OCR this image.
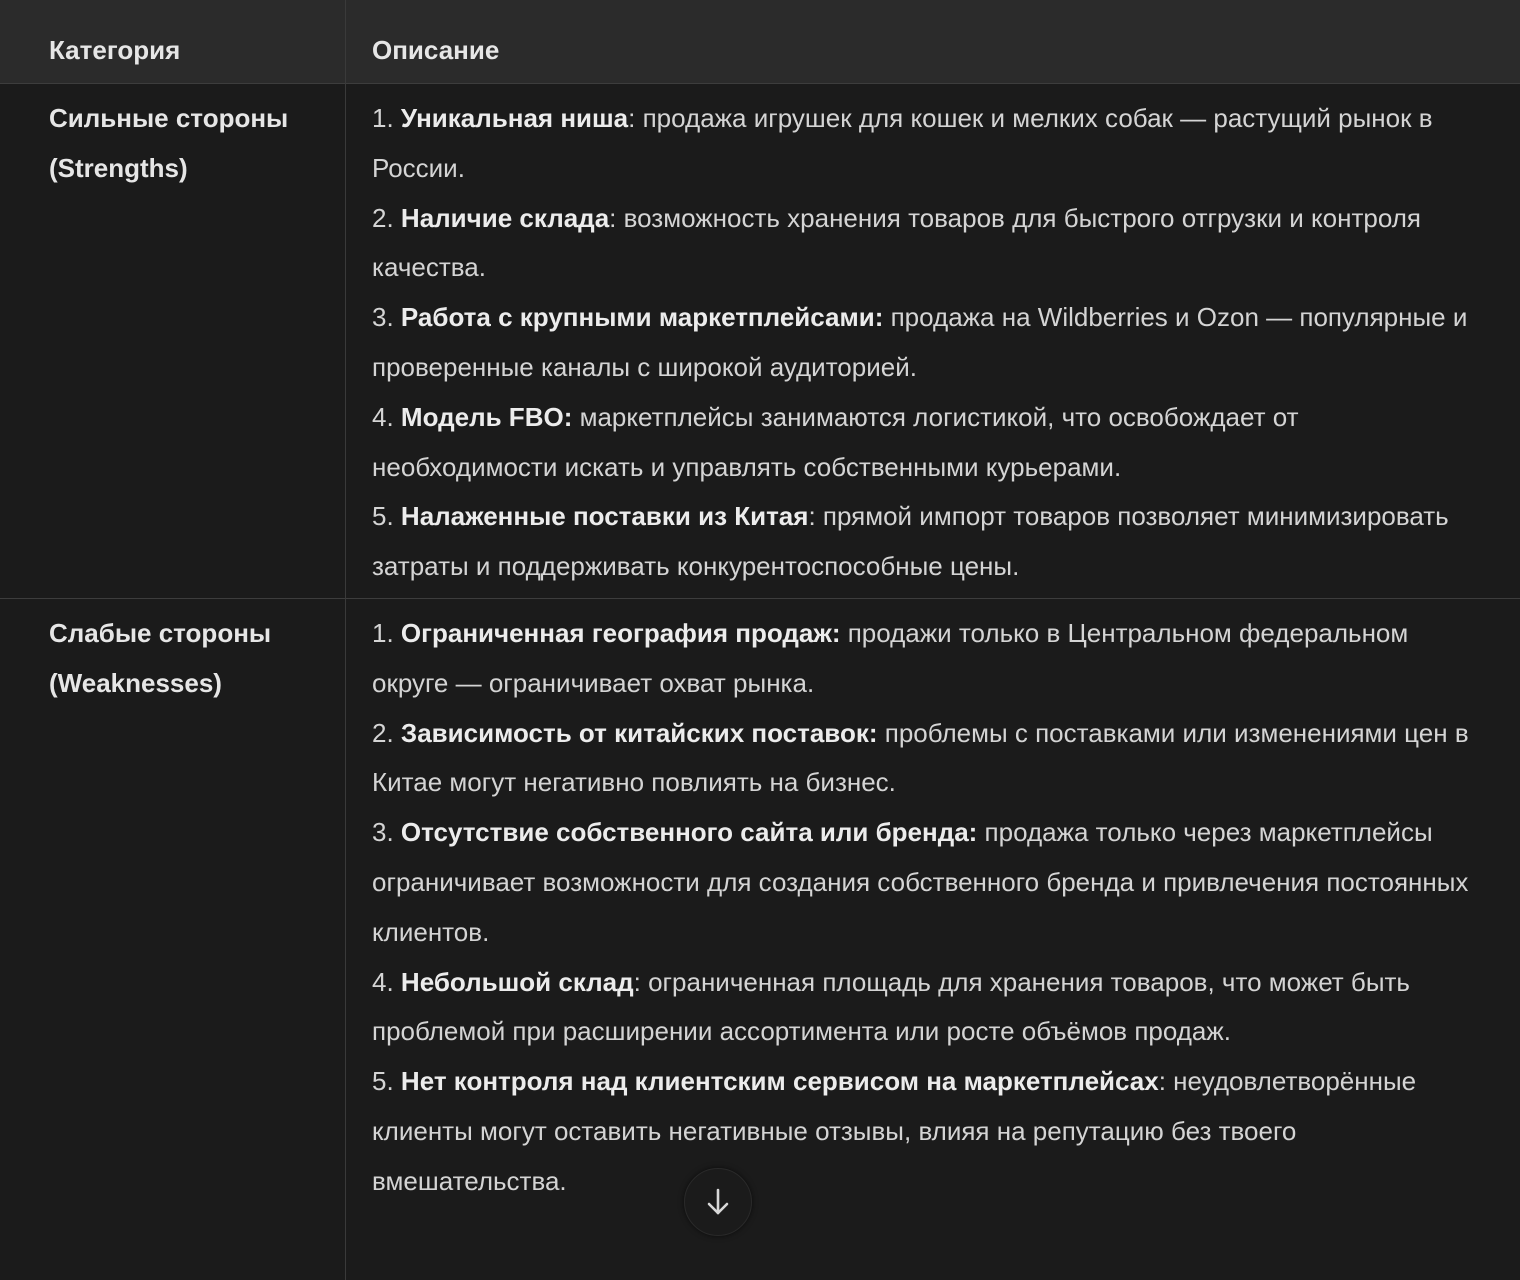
Категория	Описание
Сильные стороны
(Strengths)

1. Уникальная ниша: продажа игрушек для кошек и мелких собак — растущий рынок в России.

2. Наличие склада: возможность хранения товаров для быстрого отгрузки и контроля качества.

3. Работа с крупными маркетплейсами: продажа на Wildberries и Ozon — популярные и проверенные каналы с широкой аудиторией.

4. Модель FBO: маркетплейсы занимаются логистикой, что освобождает от необходимости искать и управлять собственными курьерами.

5. Налаженные поставки из Китая: прямой импорт товаров позволяет минимизировать затраты и поддерживать конкурентоспособные цены.

Слабые стороны
(Weaknesses)

1. Ограниченная география продаж: продажи только в Центральном федеральном округе — ограничивает охват рынка.

2. Зависимость от китайских поставок: проблемы с поставками или изменениями цен в Китае могут негативно повлиять на бизнес.

3. Отсутствие собственного сайта или бренда: продажа только через маркетплейсы ограничивает возможности для создания собственного бренда и привлечения постоянных клиентов.

4. Небольшой склад: ограниченная площадь для хранения товаров, что может быть проблемой при расширении ассортимента или росте объёмов продаж.

5. Нет контроля над клиентским сервисом на маркетплейсах: неудовлетворённые клиенты могут оставить негативные отзывы, влияя на репутацию без твоего вмешательства.
